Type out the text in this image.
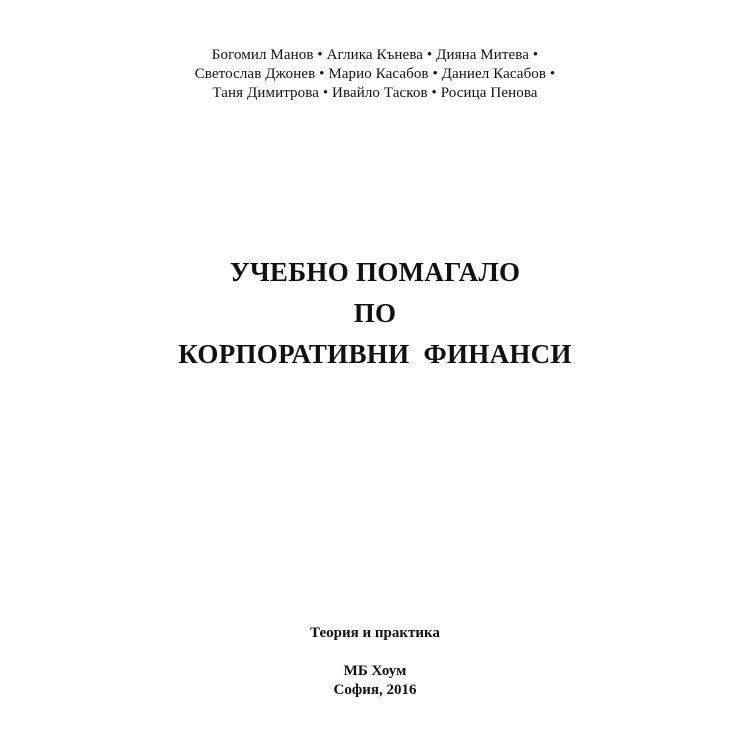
Богомил Манов • Аглика Кънева • Дияна Митева •
Светослав Джонев • Марио Касабов • Даниел Касабов •
Таня Димитрова • Ивайло Тасков • Росица Пенова
УЧЕБНО ПОМАГАЛО
ПО
КОРПОРАТИВНИ  ФИНАНСИ
Теория и практика
МБ Хоум
София, 2016
